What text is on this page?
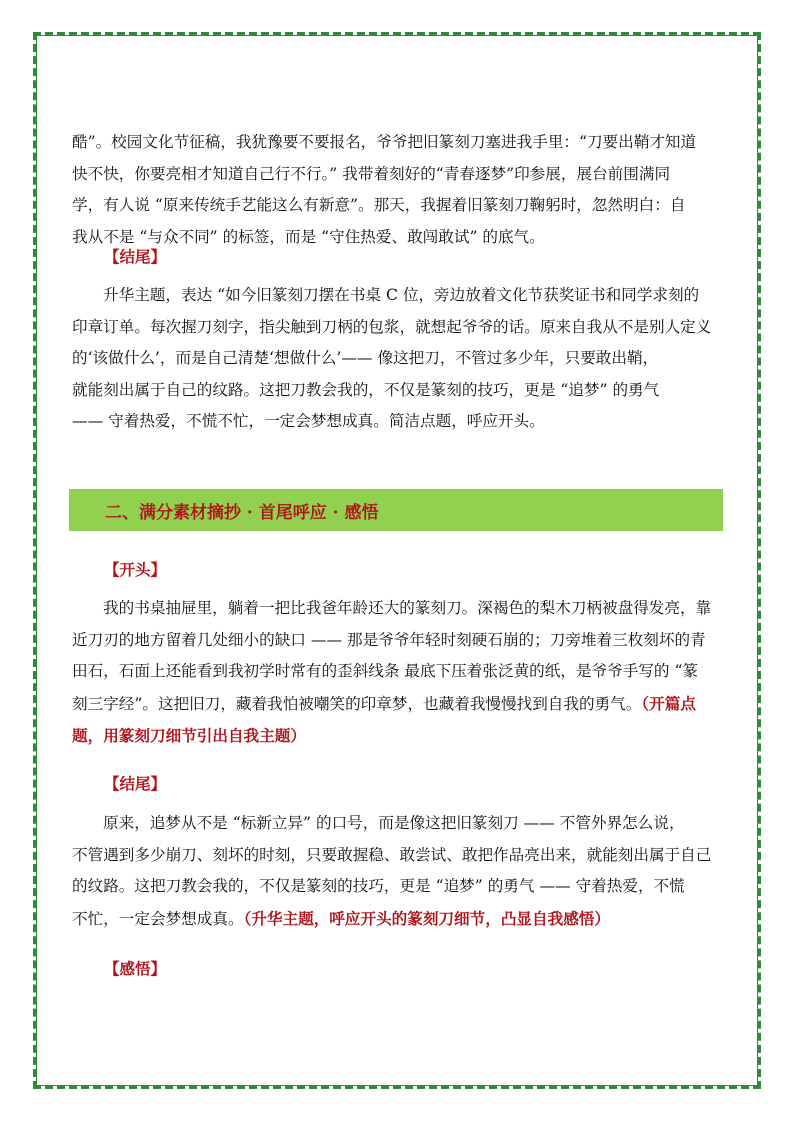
酷”。校园文化节征稿，我犹豫要不要报名，爷爷把旧篆刻刀塞进我手里：“刀要出鞘才知道

快不快，你要亮相才知道自己行不行。” 我带着刻好的“青春逐梦”印参展，展台前围满同

学，有人说 “原来传统手艺能这么有新意”。那天，我握着旧篆刻刀鞠躬时，忽然明白：自

我从不是 “与众不同” 的标签，而是 “守住热爱、敢闯敢试” 的底气。

【结尾】

升华主题，表达 “如今旧篆刻刀摆在书桌 C 位，旁边放着文化节获奖证书和同学求刻的

印章订单。每次握刀刻字，指尖触到刀柄的包浆，就想起爷爷的话。原来自我从不是别人定义

的‘该做什么’，而是自己清楚‘想做什么’—— 像这把刀，不管过多少年，只要敢出鞘，

就能刻出属于自己的纹路。这把刀教会我的，不仅是篆刻的技巧，更是 “追梦” 的勇气

—— 守着热爱，不慌不忙，一定会梦想成真。简洁点题，呼应开头。

二、满分素材摘抄 · 首尾呼应 · 感悟
【开头】

我的书桌抽屉里，躺着一把比我爸年龄还大的篆刻刀。深褐色的梨木刀柄被盘得发亮，靠

近刀刃的地方留着几处细小的缺口 —— 那是爷爷年轻时刻硬石崩的；刀旁堆着三枚刻坏的青

田石，石面上还能看到我初学时常有的歪斜线条 最底下压着张泛黄的纸，是爷爷手写的 “篆

刻三字经”。这把旧刀，藏着我怕被嘲笑的印章梦，也藏着我慢慢找到自我的勇气。（开篇点

题，用篆刻刀细节引出自我主题）

【结尾】

原来，追梦从不是 “标新立异” 的口号，而是像这把旧篆刻刀 —— 不管外界怎么说，

不管遇到多少崩刀、刻坏的时刻，只要敢握稳、敢尝试、敢把作品亮出来，就能刻出属于自己

的纹路。这把刀教会我的，不仅是篆刻的技巧，更是 “追梦” 的勇气 —— 守着热爱，不慌

不忙，一定会梦想成真。（升华主题，呼应开头的篆刻刀细节，凸显自我感悟）

【感悟】
